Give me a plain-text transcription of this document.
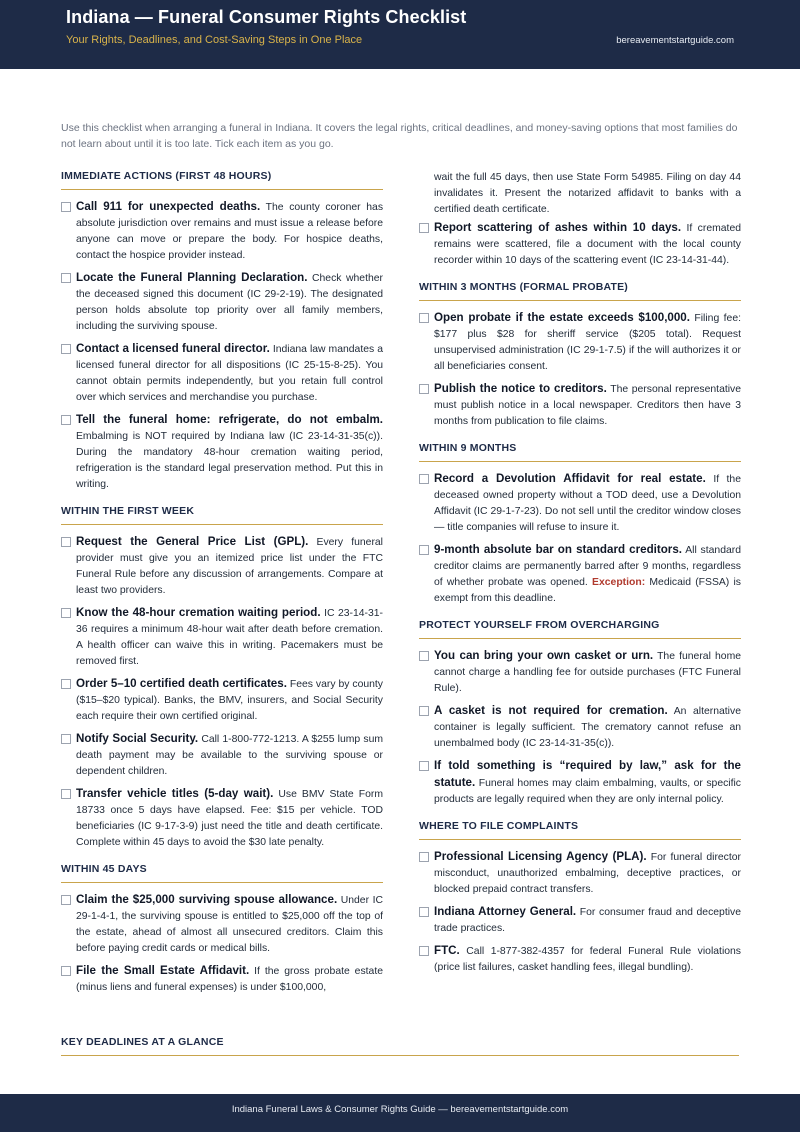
Indiana — Funeral Consumer Rights Checklist
Your Rights, Deadlines, and Cost-Saving Steps in One Place	bereavementstartguide.com
Use this checklist when arranging a funeral in Indiana. It covers the legal rights, critical deadlines, and money-saving options that most families do not learn about until it is too late. Tick each item as you go.
IMMEDIATE ACTIONS (FIRST 48 HOURS)
Call 911 for unexpected deaths. The county coroner has absolute jurisdiction over remains and must issue a release before anyone can move or prepare the body. For hospice deaths, contact the hospice provider instead.
Locate the Funeral Planning Declaration. Check whether the deceased signed this document (IC 29-2-19). The designated person holds absolute top priority over all family members, including the surviving spouse.
Contact a licensed funeral director. Indiana law mandates a licensed funeral director for all dispositions (IC 25-15-8-25). You cannot obtain permits independently, but you retain full control over which services and merchandise you purchase.
Tell the funeral home: refrigerate, do not embalm. Embalming is NOT required by Indiana law (IC 23-14-31-35(c)). During the mandatory 48-hour cremation waiting period, refrigeration is the standard legal preservation method. Put this in writing.
WITHIN THE FIRST WEEK
Request the General Price List (GPL). Every funeral provider must give you an itemized price list under the FTC Funeral Rule before any discussion of arrangements. Compare at least two providers.
Know the 48-hour cremation waiting period. IC 23-14-31-36 requires a minimum 48-hour wait after death before cremation. A health officer can waive this in writing. Pacemakers must be removed first.
Order 5–10 certified death certificates. Fees vary by county ($15–$20 typical). Banks, the BMV, insurers, and Social Security each require their own certified original.
Notify Social Security. Call 1-800-772-1213. A $255 lump sum death payment may be available to the surviving spouse or dependent children.
Transfer vehicle titles (5-day wait). Use BMV State Form 18733 once 5 days have elapsed. Fee: $15 per vehicle. TOD beneficiaries (IC 9-17-3-9) just need the title and death certificate. Complete within 45 days to avoid the $30 late penalty.
WITHIN 45 DAYS
Claim the $25,000 surviving spouse allowance. Under IC 29-1-4-1, the surviving spouse is entitled to $25,000 off the top of the estate, ahead of almost all unsecured creditors. Claim this before paying credit cards or medical bills.
File the Small Estate Affidavit. If the gross probate estate (minus liens and funeral expenses) is under $100,000,
wait the full 45 days, then use State Form 54985. Filing on day 44 invalidates it. Present the notarized affidavit to banks with a certified death certificate.
Report scattering of ashes within 10 days. If cremated remains were scattered, file a document with the local county recorder within 10 days of the scattering event (IC 23-14-31-44).
WITHIN 3 MONTHS (FORMAL PROBATE)
Open probate if the estate exceeds $100,000. Filing fee: $177 plus $28 for sheriff service ($205 total). Request unsupervised administration (IC 29-1-7.5) if the will authorizes it or all beneficiaries consent.
Publish the notice to creditors. The personal representative must publish notice in a local newspaper. Creditors then have 3 months from publication to file claims.
WITHIN 9 MONTHS
Record a Devolution Affidavit for real estate. If the deceased owned property without a TOD deed, use a Devolution Affidavit (IC 29-1-7-23). Do not sell until the creditor window closes — title companies will refuse to insure it.
9-month absolute bar on standard creditors. All standard creditor claims are permanently barred after 9 months, regardless of whether probate was opened. Exception: Medicaid (FSSA) is exempt from this deadline.
PROTECT YOURSELF FROM OVERCHARGING
You can bring your own casket or urn. The funeral home cannot charge a handling fee for outside purchases (FTC Funeral Rule).
A casket is not required for cremation. An alternative container is legally sufficient. The crematory cannot refuse an unembalmed body (IC 23-14-31-35(c)).
If told something is “required by law,” ask for the statute. Funeral homes may claim embalming, vaults, or specific products are legally required when they are only internal policy.
WHERE TO FILE COMPLAINTS
Professional Licensing Agency (PLA). For funeral director misconduct, unauthorized embalming, deceptive practices, or blocked prepaid contract transfers.
Indiana Attorney General. For consumer fraud and deceptive trade practices.
FTC. Call 1-877-382-4357 for federal Funeral Rule violations (price list failures, casket handling fees, illegal bundling).
KEY DEADLINES AT A GLANCE
Indiana Funeral Laws & Consumer Rights Guide — bereavementstartguide.com
